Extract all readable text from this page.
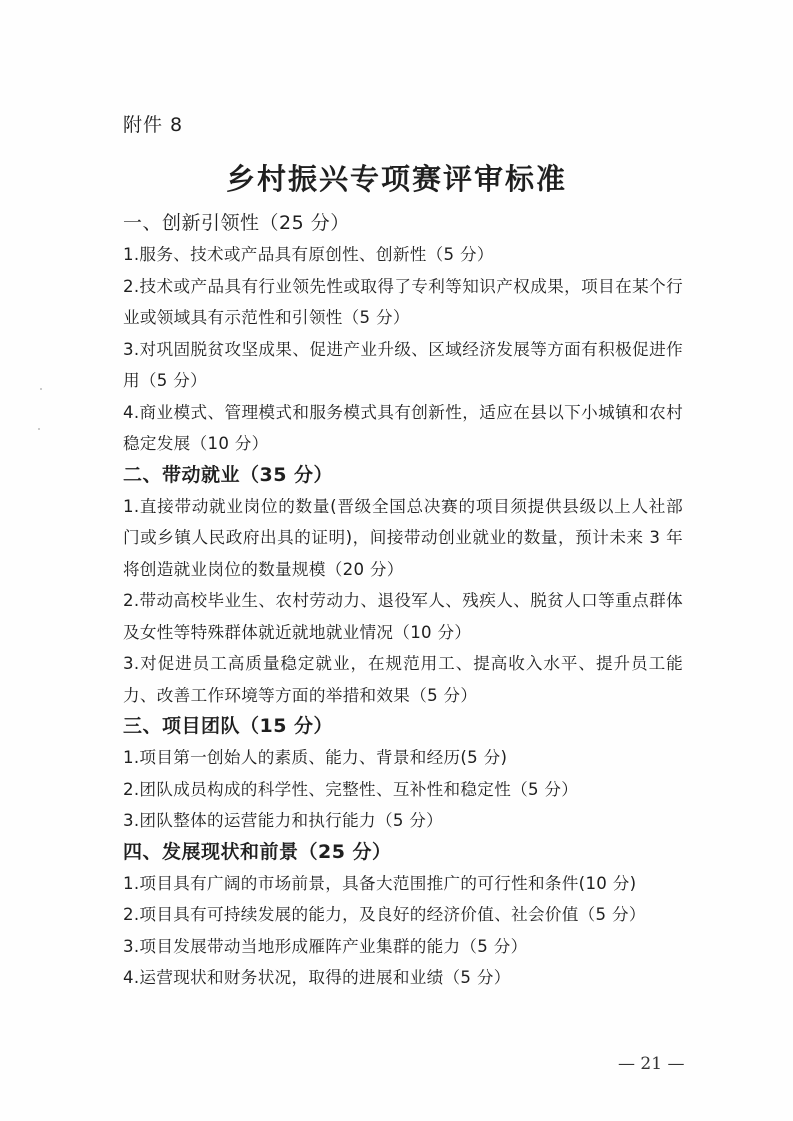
附件 8
乡村振兴专项赛评审标准
一、创新引领性（25 分）

1.服务、技术或产品具有原创性、创新性（5 分）

2.技术或产品具有行业领先性或取得了专利等知识产权成果，项目在某个行业或领域具有示范性和引领性（5 分）

3.对巩固脱贫攻坚成果、促进产业升级、区域经济发展等方面有积极促进作用（5 分）

4.商业模式、管理模式和服务模式具有创新性，适应在县以下小城镇和农村稳定发展（10 分）

二、带动就业（35 分）

1.直接带动就业岗位的数量(晋级全国总决赛的项目须提供县级以上人社部门或乡镇人民政府出具的证明)，间接带动创业就业的数量，预计未来 3 年将创造就业岗位的数量规模（20 分）

2.带动高校毕业生、农村劳动力、退役军人、残疾人、脱贫人口等重点群体及女性等特殊群体就近就地就业情况（10 分）

3.对促进员工高质量稳定就业，在规范用工、提高收入水平、提升员工能力、改善工作环境等方面的举措和效果（5 分）

三、项目团队（15 分）

1.项目第一创始人的素质、能力、背景和经历(5 分)

2.团队成员构成的科学性、完整性、互补性和稳定性（5 分）

3.团队整体的运营能力和执行能力（5 分）

四、发展现状和前景（25 分）

1.项目具有广阔的市场前景，具备大范围推广的可行性和条件(10 分)

2.项目具有可持续发展的能力，及良好的经济价值、社会价值（5 分）

3.项目发展带动当地形成雁阵产业集群的能力（5 分）

4.运营现状和财务状况，取得的进展和业绩（5 分）

— 21 —
